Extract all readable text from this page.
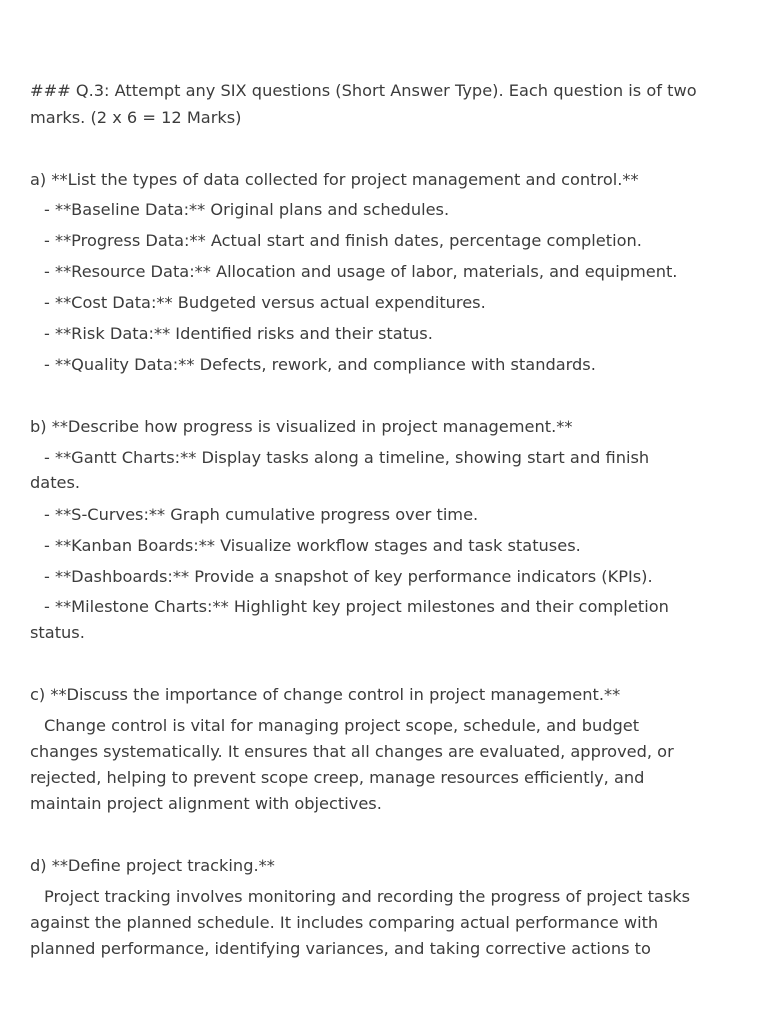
### Q.3: Attempt any SIX questions (Short Answer Type). Each question is of two
marks. (2 x 6 = 12 Marks)
a) **List the types of data collected for project management and control.**
- **Baseline Data:** Original plans and schedules.
- **Progress Data:** Actual start and finish dates, percentage completion.
- **Resource Data:** Allocation and usage of labor, materials, and equipment.
- **Cost Data:** Budgeted versus actual expenditures.
- **Risk Data:** Identified risks and their status.
- **Quality Data:** Defects, rework, and compliance with standards.
b) **Describe how progress is visualized in project management.**
- **Gantt Charts:** Display tasks along a timeline, showing start and finish
dates.
- **S-Curves:** Graph cumulative progress over time.
- **Kanban Boards:** Visualize workflow stages and task statuses.
- **Dashboards:** Provide a snapshot of key performance indicators (KPIs).
- **Milestone Charts:** Highlight key project milestones and their completion
status.
c) **Discuss the importance of change control in project management.**
Change control is vital for managing project scope, schedule, and budget
changes systematically. It ensures that all changes are evaluated, approved, or
rejected, helping to prevent scope creep, manage resources efficiently, and
maintain project alignment with objectives.
d) **Define project tracking.**
Project tracking involves monitoring and recording the progress of project tasks
against the planned schedule. It includes comparing actual performance with
planned performance, identifying variances, and taking corrective actions to
